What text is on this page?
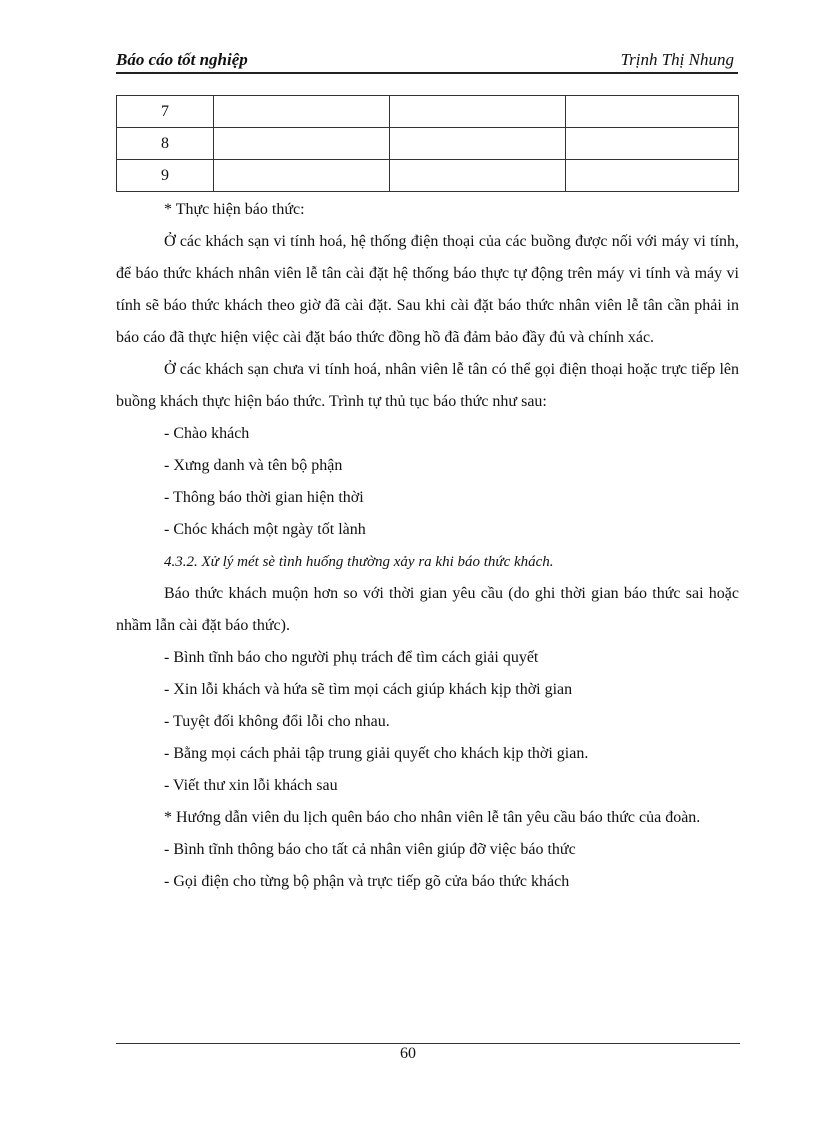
Báo cáo tốt nghiệp	Trịnh Thị Nhung
7			
8			
9			

* Thực hiện báo thức:

Ở các khách sạn vi tính hoá, hệ thống điện thoại của các buồng được nối với máy vi tính, để báo thức khách nhân viên lễ tân cài đặt hệ thống báo thực tự động trên máy vi tính và máy vi tính sẽ báo thức khách theo giờ đã cài đặt. Sau khi cài đặt báo thức nhân viên lễ tân cần phải in báo cáo đã thực hiện việc cài đặt báo thức đồng hồ đã đảm bảo đầy đủ và chính xác.

Ở các khách sạn chưa vi tính hoá, nhân viên lễ tân có thể gọi điện thoại hoặc trực tiếp lên buồng khách thực hiện báo thức. Trình tự thủ tục báo thức như sau:

- Chào khách

- Xưng danh và tên bộ phận

- Thông báo thời gian hiện thời

- Chóc khách một ngày tốt lành

4.3.2. Xử lý mét sè tình huống thường xảy ra khi báo thức khách.

Báo thức khách muộn hơn so với thời gian yêu cầu (do ghi thời gian báo thức sai hoặc nhầm lẫn cài đặt báo thức).

- Bình tĩnh báo cho người phụ trách để tìm cách giải quyết

- Xin lỗi khách và hứa sẽ tìm mọi cách giúp khách kịp thời gian

- Tuyệt đối không đổi lỗi cho nhau.

- Bằng mọi cách phải tập trung giải quyết cho khách kịp thời gian.

- Viết thư xin lỗi khách sau

* Hướng dẫn viên du lịch quên báo cho nhân viên lễ tân yêu cầu báo thức của đoàn.

- Bình tĩnh thông báo cho tất cả nhân viên giúp đỡ việc báo thức

- Gọi điện cho từng bộ phận và trực tiếp gõ cửa báo thức khách

60
